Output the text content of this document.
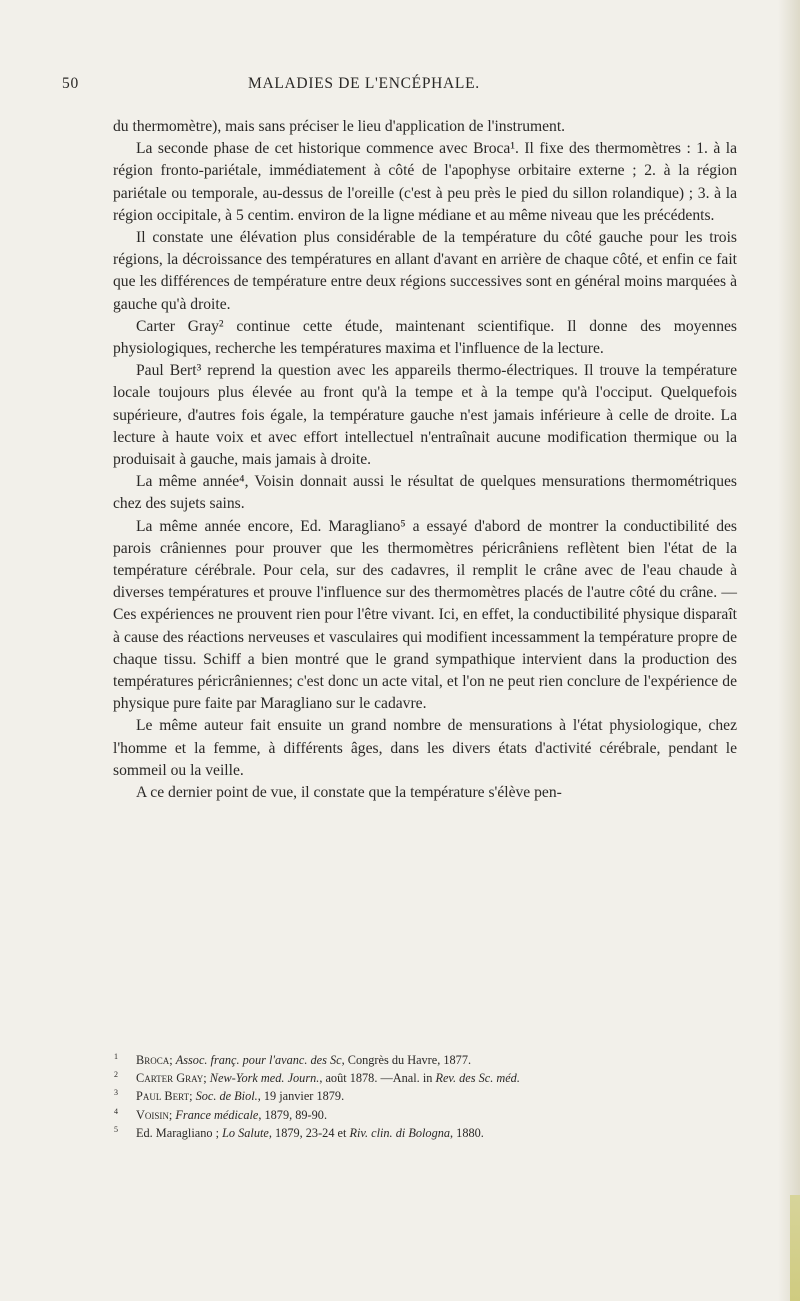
50	MALADIES DE L'ENCÉPHALE.

du thermomètre), mais sans préciser le lieu d'application de l'instrument.

La seconde phase de cet historique commence avec Broca¹. Il fixe des thermomètres : 1. à la région fronto-pariétale, immédiatement à côté de l'apophyse orbitaire externe ; 2. à la région pariétale ou temporale, au-dessus de l'oreille (c'est à peu près le pied du sillon rolandique) ; 3. à la région occipitale, à 5 centim. environ de la ligne médiane et au même niveau que les précédents.

Il constate une élévation plus considérable de la température du côté gauche pour les trois régions, la décroissance des températures en allant d'avant en arrière de chaque côté, et enfin ce fait que les différences de température entre deux régions successives sont en général moins marquées à gauche qu'à droite.

Carter Gray² continue cette étude, maintenant scientifique. Il donne des moyennes physiologiques, recherche les températures maxima et l'influence de la lecture.

Paul Bert³ reprend la question avec les appareils thermo-électriques. Il trouve la température locale toujours plus élevée au front qu'à la tempe et à la tempe qu'à l'occiput. Quelquefois supérieure, d'autres fois égale, la température gauche n'est jamais inférieure à celle de droite. La lecture à haute voix et avec effort intellectuel n'entraînait aucune modification thermique ou la produisait à gauche, mais jamais à droite.

La même année⁴, Voisin donnait aussi le résultat de quelques mensurations thermométriques chez des sujets sains.

La même année encore, Ed. Maragliano⁵ a essayé d'abord de montrer la conductibilité des parois crâniennes pour prouver que les thermomètres péricrâniens reflètent bien l'état de la température cérébrale. Pour cela, sur des cadavres, il remplit le crâne avec de l'eau chaude à diverses températures et prouve l'influence sur des thermomètres placés de l'autre côté du crâne. — Ces expériences ne prouvent rien pour l'être vivant. Ici, en effet, la conductibilité physique disparaît à cause des réactions nerveuses et vasculaires qui modifient incessamment la température propre de chaque tissu. Schiff a bien montré que le grand sympathique intervient dans la production des températures péricrâniennes; c'est donc un acte vital, et l'on ne peut rien conclure de l'expérience de physique pure faite par Maragliano sur le cadavre.

Le même auteur fait ensuite un grand nombre de mensurations à l'état physiologique, chez l'homme et la femme, à différents âges, dans les divers états d'activité cérébrale, pendant le sommeil ou la veille.

A ce dernier point de vue, il constate que la température s'élève pen-

1 Broca; Assoc. franç. pour l'avanc. des Sc, Congrès du Havre, 1877.
2 Carter Gray; New-York med. Journ., août 1878. —Anal. in Rev. des Sc. méd.
3 Paul Bert; Soc. de Biol., 19 janvier 1879.
4 Voisin; France médicale, 1879, 89-90.
5 Ed. Maragliano ; Lo Salute, 1879, 23-24 et Riv. clin. di Bologna, 1880.
